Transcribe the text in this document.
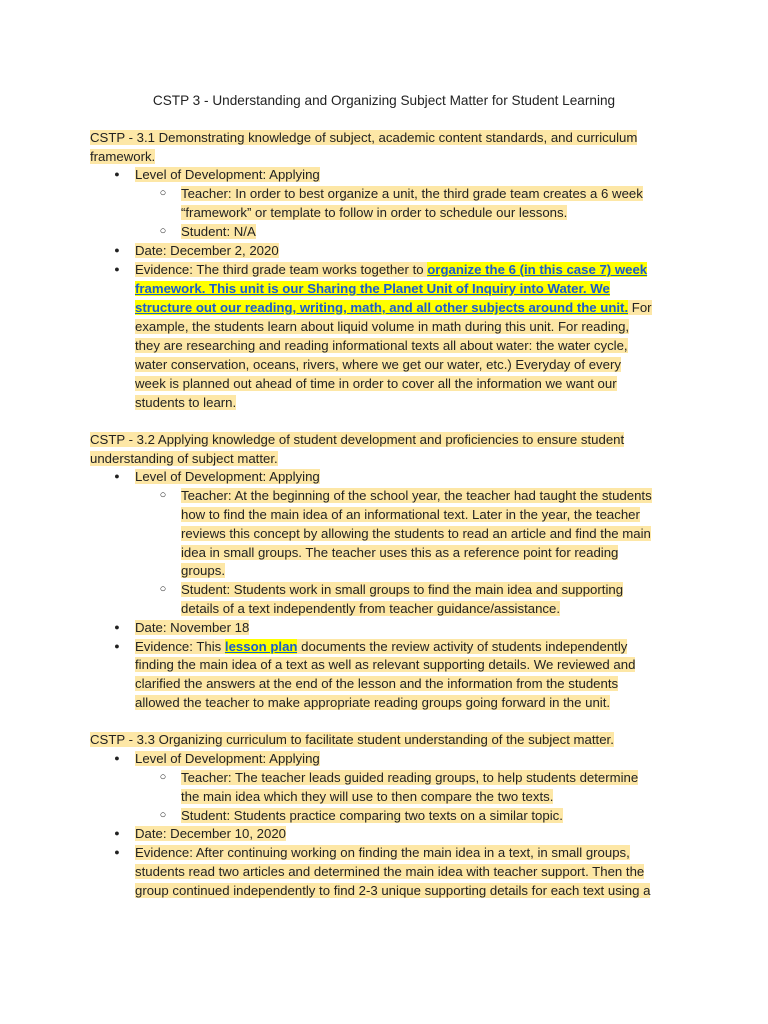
CSTP 3 - Understanding and Organizing Subject Matter for Student Learning
CSTP - 3.1 Demonstrating knowledge of subject, academic content standards, and curriculum
framework.
● Level of Development: Applying
○ Teacher: In order to best organize a unit, the third grade team creates a 6 week
“framework” or template to follow in order to schedule our lessons.
○ Student: N/A
● Date: December 2, 2020
● Evidence: The third grade team works together to organize the 6 (in this case 7) week
framework. This unit is our Sharing the Planet Unit of Inquiry into Water. We
structure out our reading, writing, math, and all other subjects around the unit. For
example, the students learn about liquid volume in math during this unit. For reading,
they are researching and reading informational texts all about water: the water cycle,
water conservation, oceans, rivers, where we get our water, etc.) Everyday of every
week is planned out ahead of time in order to cover all the information we want our
students to learn.
CSTP - 3.2 Applying knowledge of student development and proficiencies to ensure student
understanding of subject matter.
● Level of Development: Applying
○ Teacher: At the beginning of the school year, the teacher had taught the students
how to find the main idea of an informational text. Later in the year, the teacher
reviews this concept by allowing the students to read an article and find the main
idea in small groups. The teacher uses this as a reference point for reading
groups.
○ Student: Students work in small groups to find the main idea and supporting
details of a text independently from teacher guidance/assistance.
● Date: November 18
● Evidence: This lesson plan documents the review activity of students independently
finding the main idea of a text as well as relevant supporting details. We reviewed and
clarified the answers at the end of the lesson and the information from the students
allowed the teacher to make appropriate reading groups going forward in the unit.
CSTP - 3.3 Organizing curriculum to facilitate student understanding of the subject matter.
● Level of Development: Applying
○ Teacher: The teacher leads guided reading groups, to help students determine
the main idea which they will use to then compare the two texts.
○ Student: Students practice comparing two texts on a similar topic.
● Date: December 10, 2020
● Evidence: After continuing working on finding the main idea in a text, in small groups,
students read two articles and determined the main idea with teacher support. Then the
group continued independently to find 2-3 unique supporting details for each text using a
